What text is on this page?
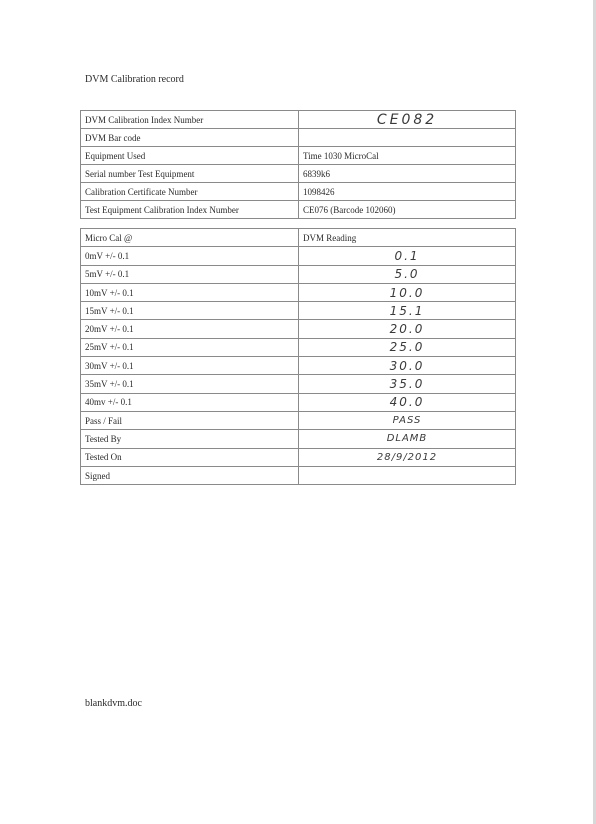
DVM Calibration record
DVM Calibration Index Number	CE082
DVM Bar code
Equipment Used	Time 1030 MicroCal
Serial number Test Equipment	6839k6
Calibration Certificate Number	1098426
Test Equipment Calibration Index Number	CE076 (Barcode 102060)
Micro Cal @	DVM Reading
0mV +/- 0.1	0.1
5mV +/- 0.1	5.0
10mV +/- 0.1	10.0
15mV +/- 0.1	15.1
20mV +/- 0.1	20.0
25mV +/- 0.1	25.0
30mV +/- 0.1	30.0
35mV +/- 0.1	35.0
40mv +/- 0.1	40.0
Pass / Fail	PASS
Tested By	DLAMB
Tested On	28/9/2012
Signed
blankdvm.doc
